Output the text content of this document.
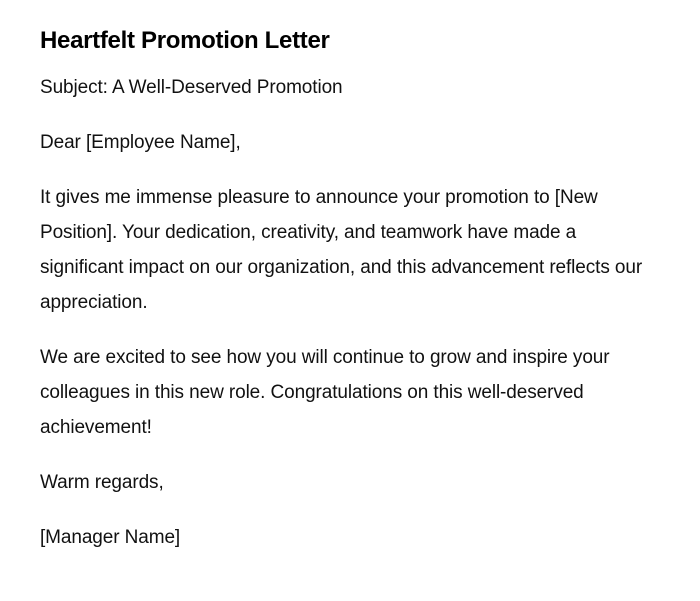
Heartfelt Promotion Letter

Subject: A Well-Deserved Promotion

Dear [Employee Name],

It gives me immense pleasure to announce your promotion to [New Position]. Your dedication, creativity, and teamwork have made a significant impact on our organization, and this advancement reflects our appreciation.

We are excited to see how you will continue to grow and inspire your colleagues in this new role. Congratulations on this well-deserved achievement!

Warm regards,

[Manager Name]
